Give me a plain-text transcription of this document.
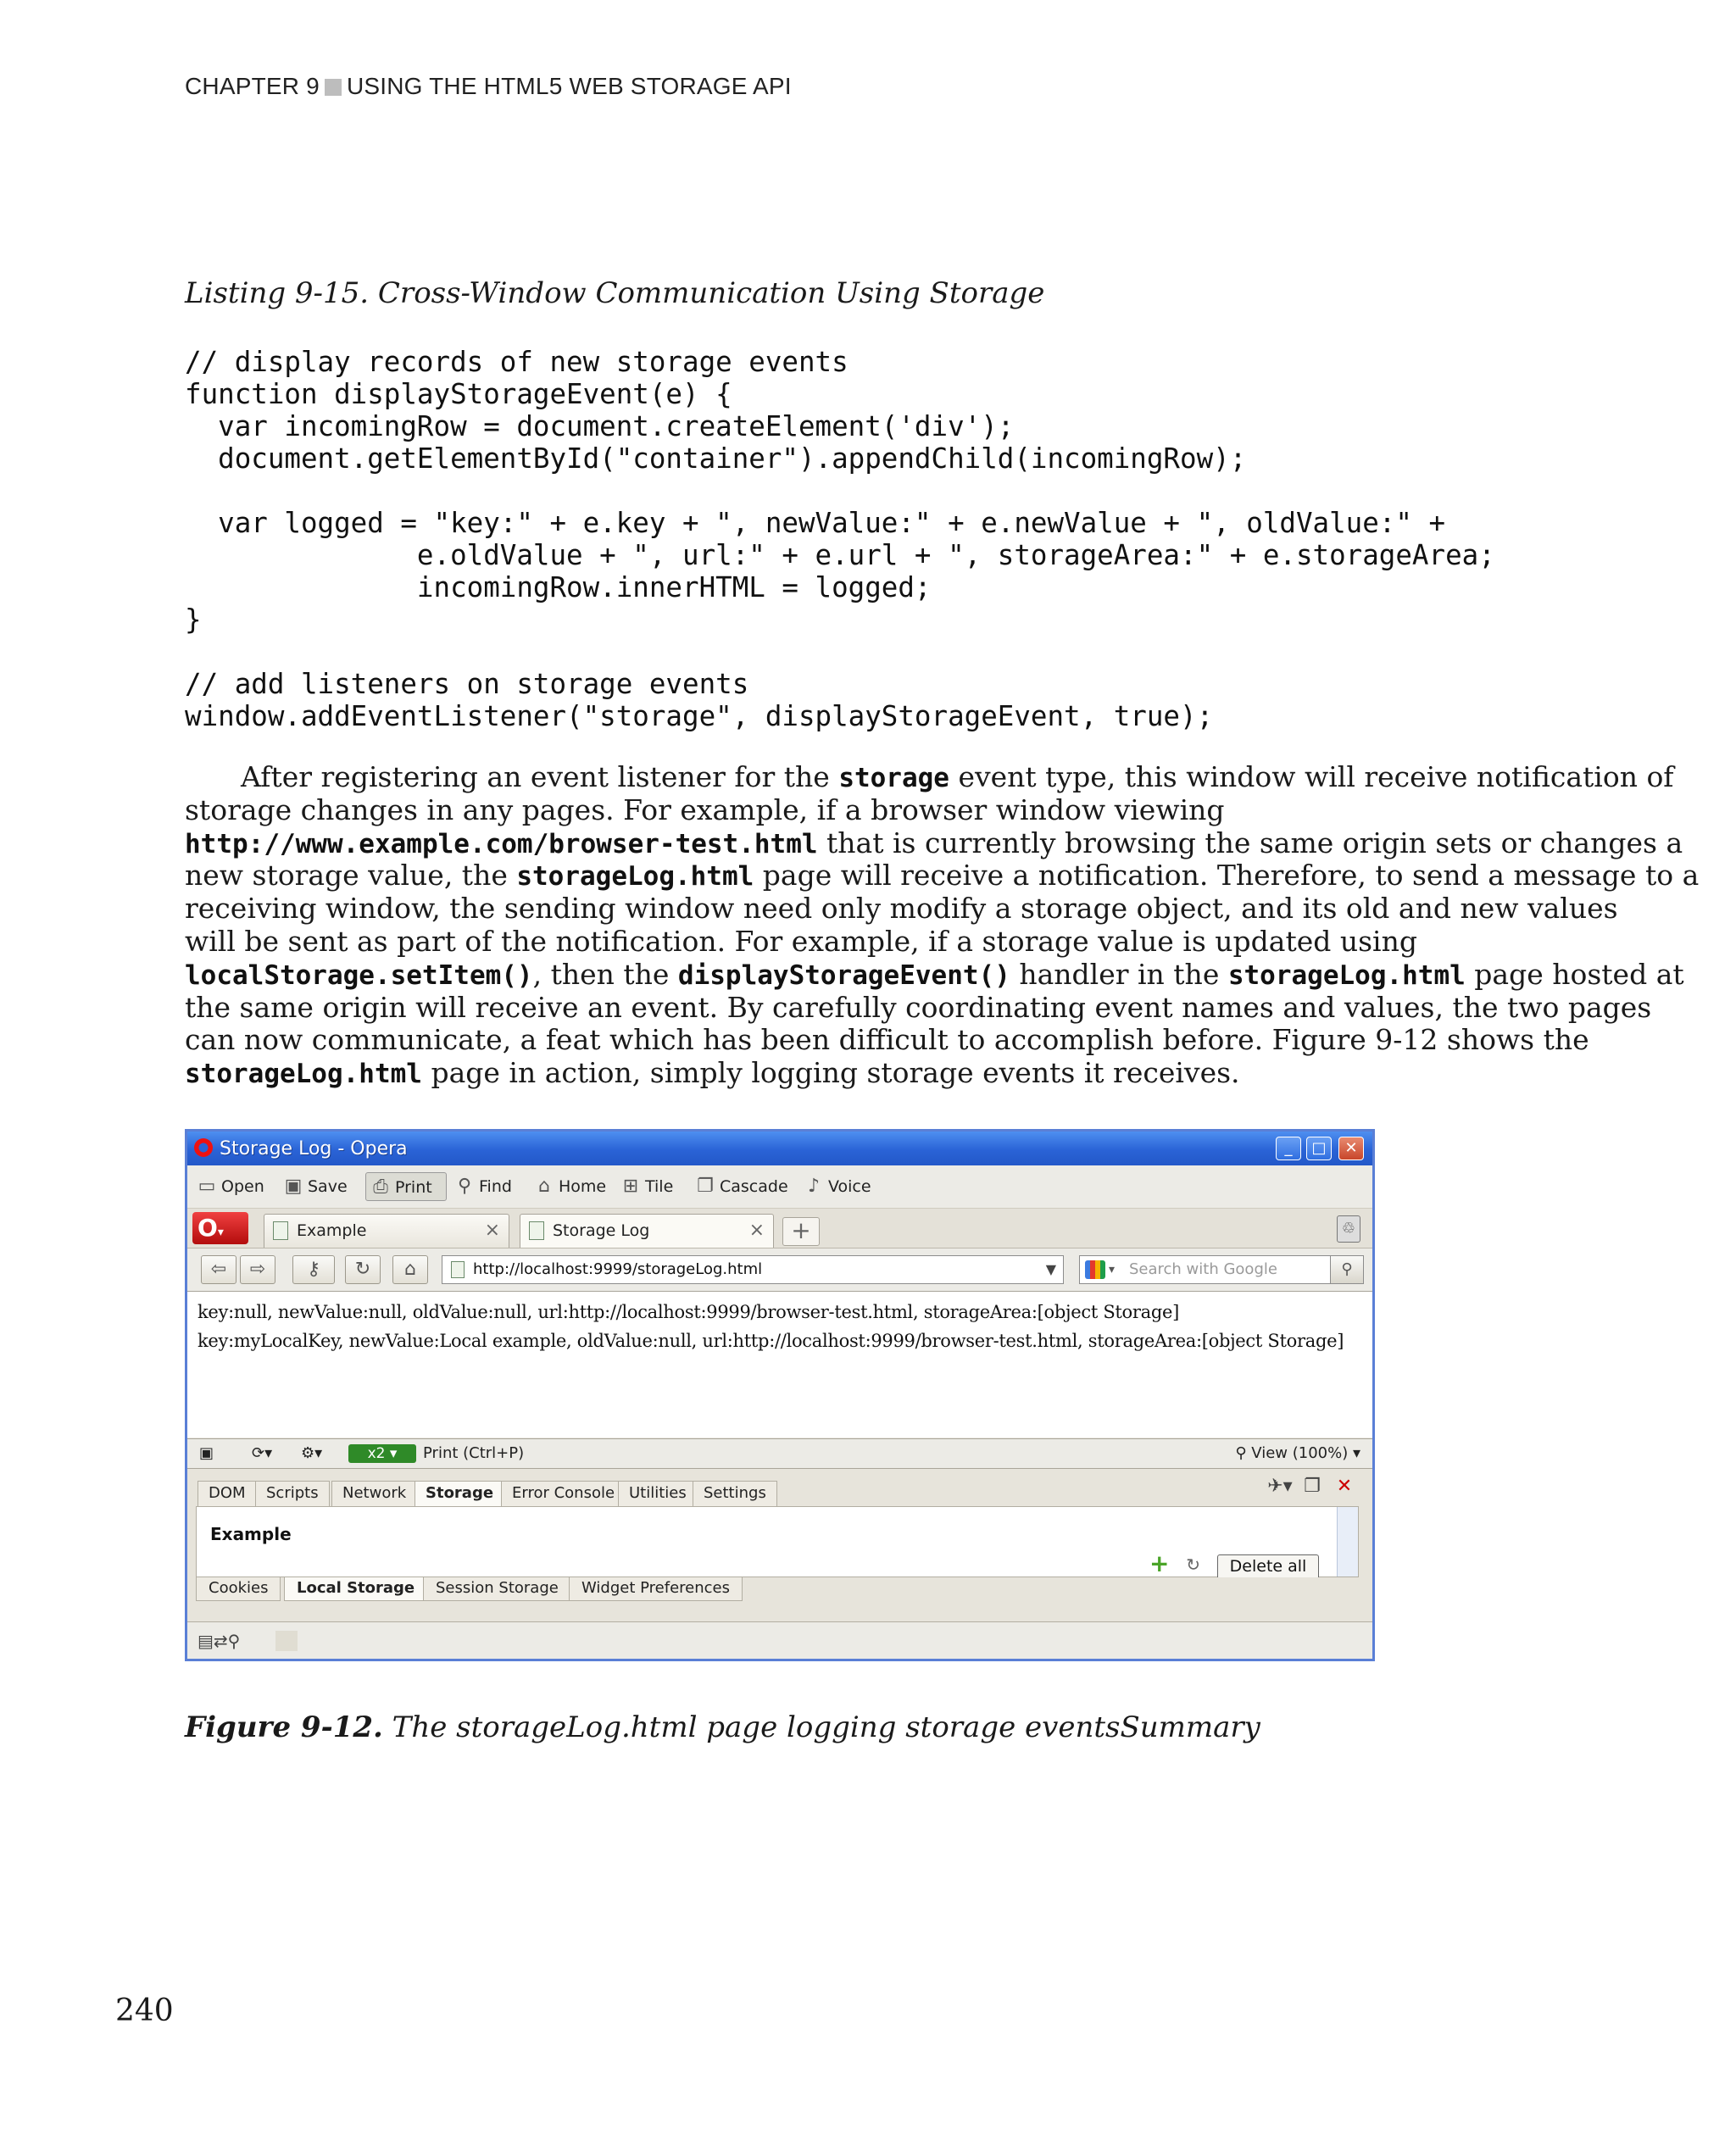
CHAPTER 9 USING THE HTML5 WEB STORAGE API
Listing 9-15. Cross-Window Communication Using Storage
// display records of new storage events
function displayStorageEvent(e) {
var incomingRow = document.createElement('div');
document.getElementById("container").appendChild(incomingRow);
var logged = "key:" + e.key + ", newValue:" + e.newValue + ", oldValue:" +
e.oldValue + ", url:" + e.url + ", storageArea:" + e.storageArea;
incomingRow.innerHTML = logged;
}
// add listeners on storage events
window.addEventListener("storage", displayStorageEvent, true);
After registering an event listener for the storage event type, this window will receive notification of
storage changes in any pages. For example, if a browser window viewing
http://www.example.com/browser-test.html that is currently browsing the same origin sets or changes a
new storage value, the storageLog.html page will receive a notification. Therefore, to send a message to a
receiving window, the sending window need only modify a storage object, and its old and new values
will be sent as part of the notification. For example, if a storage value is updated using
localStorage.setItem(), then the displayStorageEvent() handler in the storageLog.html page hosted at
the same origin will receive an event. By carefully coordinating event names and values, the two pages
can now communicate, a feat which has been difficult to accomplish before. Figure 9-12 shows the
storageLog.html page in action, simply logging storage events it receives.
Storage Log - Opera	_	□	✕
▭ Open ▣ Save ⎙ Print	⚲ Find ⌂ Home ⊞ Tile ❐ Cascade ♪ Voice
O▾	Example	×	Storage Log	×	+	♲
⇦	⇨	⚷	↻	⌂	http://localhost:9999/storageLog.html	▼	▾ Search with Google	⚲
key:null, newValue:null, oldValue:null, url:http://localhost:9999/browser-test.html, storageArea:[object Storage]
key:myLocalKey, newValue:Local example, oldValue:null, url:http://localhost:9999/browser-test.html, storageArea:[object Storage]
▣ ⟳▾ ⚙▾	x2 ▾	Print (Ctrl+P)	⚲ View (100%) ▾
DOM	Scripts	Network	Storage	Error Console Utilities	Settings	✈▾ ❐ ✕
Example
+ ↻	Delete all
Cookies	Local Storage	Session Storage	Widget Preferences
▤⇄⚲
Figure 9-12. The storageLog.html page logging storage eventsSummary
240
